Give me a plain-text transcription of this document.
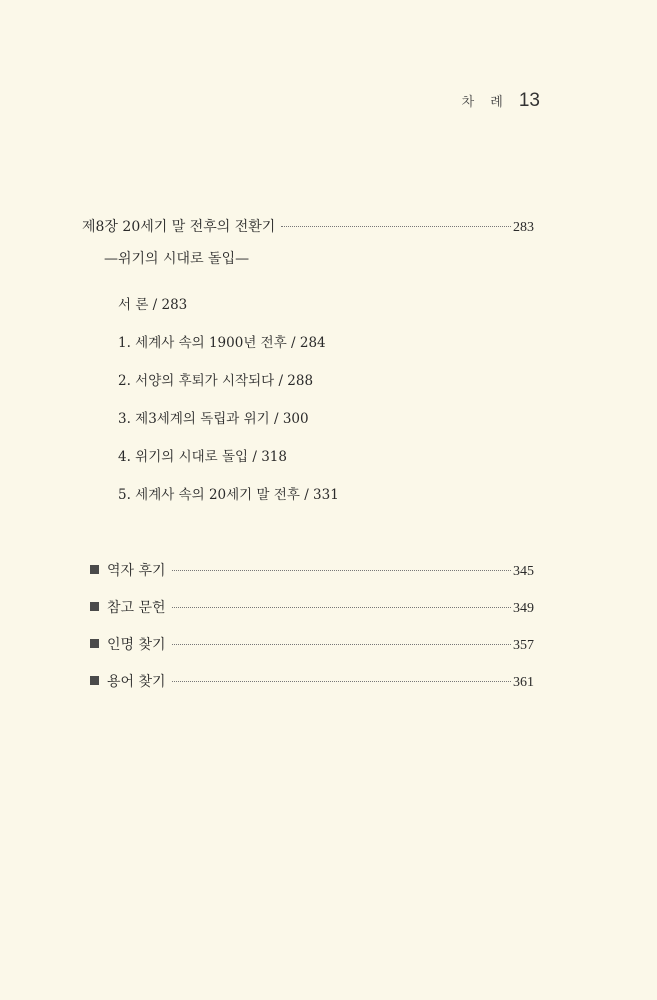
차 례 13
제8장 20세기 말 전후의 전환기	283
—위기의 시대로 돌입—
서 론 / 283
1. 세계사 속의 1900년 전후 / 284
2. 서양의 후퇴가 시작되다 / 288
3. 제3세계의 독립과 위기 / 300
4. 위기의 시대로 돌입 / 318
5. 세계사 속의 20세기 말 전후 / 331
역자 후기	345
참고 문헌	349
인명 찾기	357
용어 찾기	361
